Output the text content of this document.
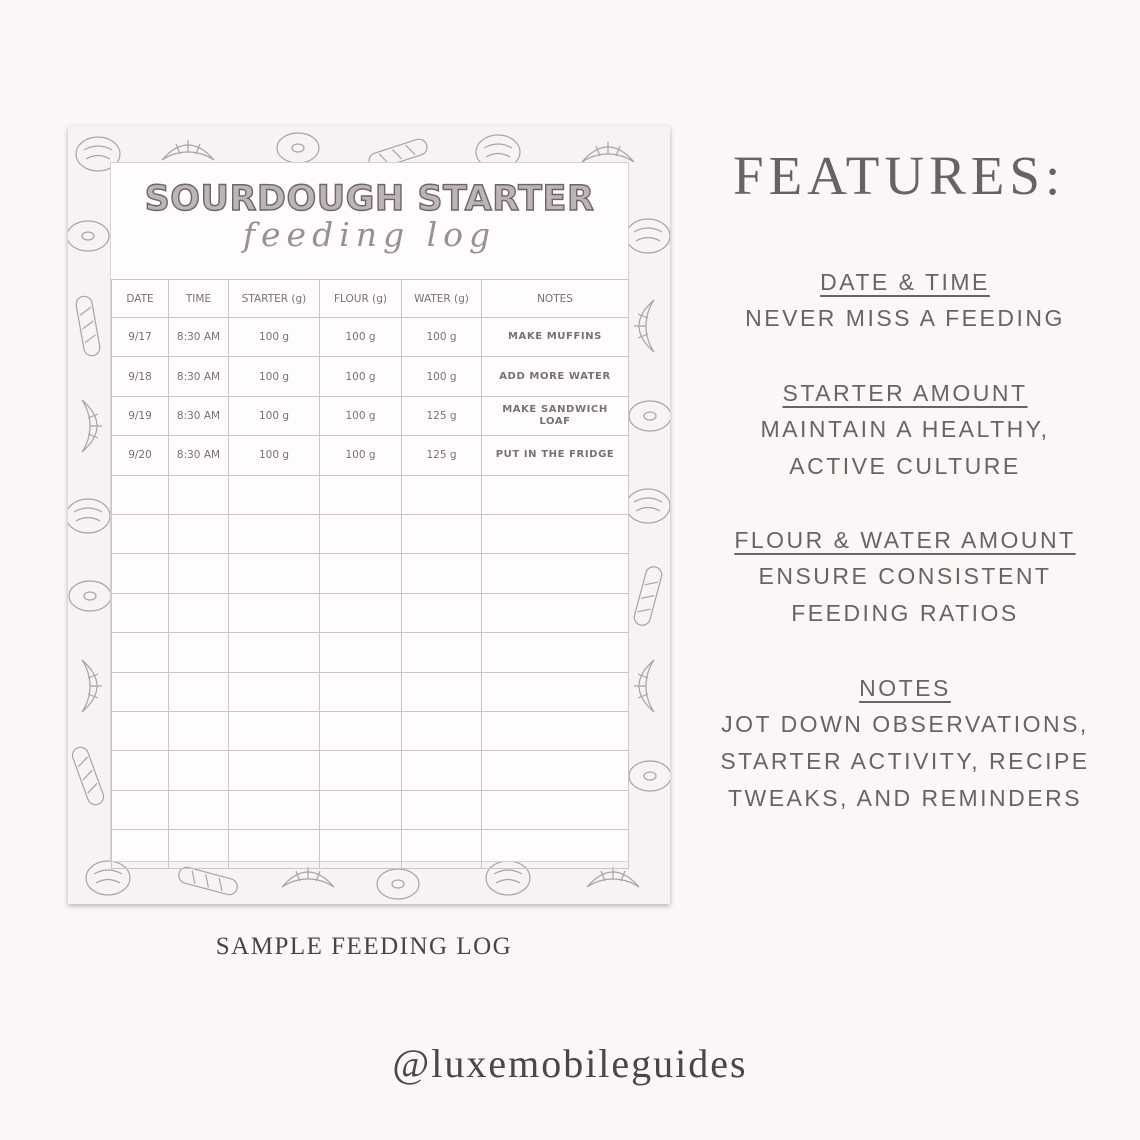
SOURDOUGH STARTER
feeding log
DATE	TIME	STARTER (g)	FLOUR (g)	WATER (g)	NOTES
9/17	8:30 AM	100 g	100 g	100 g	MAKE MUFFINS
9/18	8:30 AM	100 g	100 g	100 g	ADD MORE WATER
9/19	8:30 AM	100 g	100 g	125 g	MAKE SANDWICH LOAF
9/20	8:30 AM	100 g	100 g	125 g	PUT IN THE FRIDGE

SAMPLE FEEDING LOG
FEATURES:
DATE & TIME
NEVER MISS A FEEDING
STARTER AMOUNT
MAINTAIN A HEALTHY,
ACTIVE CULTURE
FLOUR & WATER AMOUNT
ENSURE CONSISTENT
FEEDING RATIOS
NOTES
JOT DOWN OBSERVATIONS,
STARTER ACTIVITY, RECIPE
TWEAKS, AND REMINDERS
@luxemobileguides
